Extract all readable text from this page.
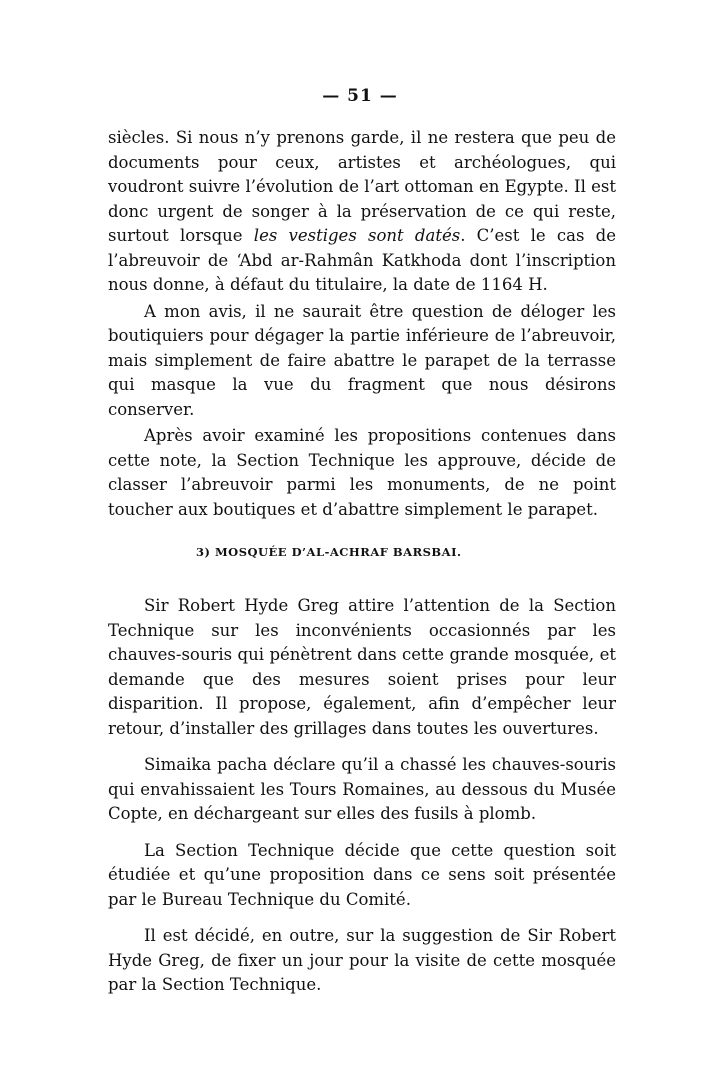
— 51 —

siècles. Si nous n’y prenons garde, il ne restera que peu de documents pour ceux, artistes et archéologues, qui voudront suivre l’évolution de l’art ottoman en Egypte. Il est donc urgent de songer à la préservation de ce qui reste, surtout lorsque les vestiges sont datés. C’est le cas de l’abreuvoir de ‘Abd ar-Rahmân Katkhoda dont l’inscription nous donne, à défaut du titulaire, la date de 1164 H.

A mon avis, il ne saurait être question de déloger les boutiquiers pour dégager la partie inférieure de l’abreuvoir, mais simplement de faire abattre le parapet de la terrasse qui masque la vue du fragment que nous désirons conserver.

Après avoir examiné les propositions contenues dans cette note, la Section Technique les approuve, décide de classer l’abreuvoir parmi les monuments, de ne point toucher aux boutiques et d’abattre simplement le parapet.

3) MOSQUÉE D’AL-ACHRAF BARSBAI.

Sir Robert Hyde Greg attire l’attention de la Section Technique sur les inconvénients occasionnés par les chauves-souris qui pénètrent dans cette grande mosquée, et demande que des mesures soient prises pour leur disparition. Il propose, également, afin d’empêcher leur retour, d’installer des grillages dans toutes les ouvertures.

Simaika pacha déclare qu’il a chassé les chauves-souris qui envahissaient les Tours Romaines, au dessous du Musée Copte, en déchargeant sur elles des fusils à plomb.

La Section Technique décide que cette question soit étudiée et qu’une proposition dans ce sens soit présentée par le Bureau Technique du Comité.

Il est décidé, en outre, sur la suggestion de Sir Robert Hyde Greg, de fixer un jour pour la visite de cette mosquée par la Section Technique.
